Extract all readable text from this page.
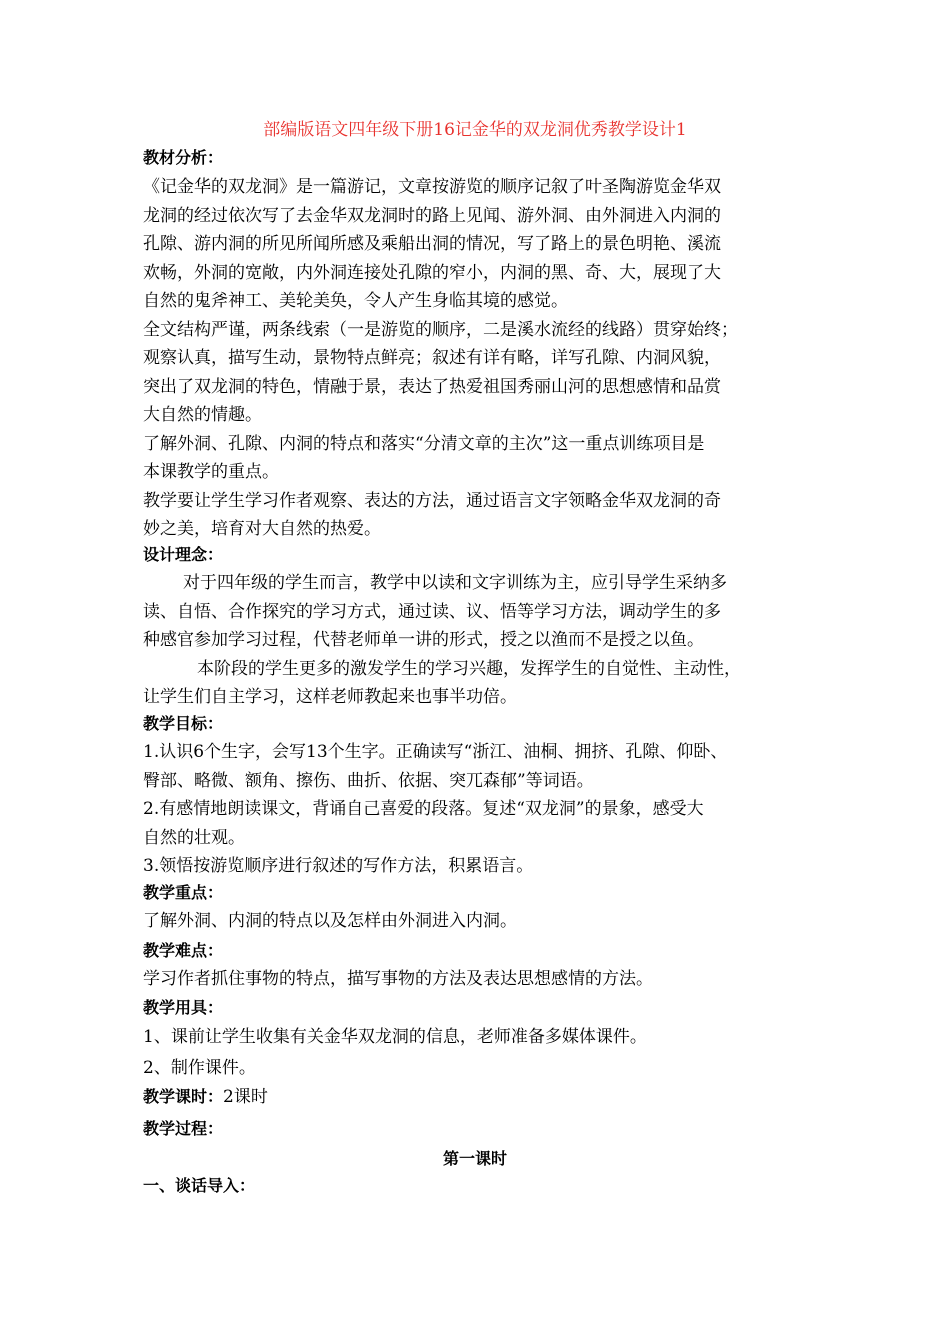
部编版语文四年级下册16记金华的双龙洞优秀教学设计1
教材分析：
《记金华的双龙洞》是一篇游记，文章按游览的顺序记叙了叶圣陶游览金华双
龙洞的经过依次写了去金华双龙洞时的路上见闻、游外洞、由外洞进入内洞的
孔隙、游内洞的所见所闻所感及乘船出洞的情况，写了路上的景色明艳、溪流
欢畅，外洞的宽敞，内外洞连接处孔隙的窄小，内洞的黑、奇、大，展现了大
自然的鬼斧神工、美轮美奂，令人产生身临其境的感觉。
全文结构严谨，两条线索（一是游览的顺序，二是溪水流经的线路）贯穿始终；
观察认真，描写生动，景物特点鲜亮；叙述有详有略，详写孔隙、内洞风貌，
突出了双龙洞的特色，情融于景，表达了热爱祖国秀丽山河的思想感情和品赏
大自然的情趣。
了解外洞、孔隙、内洞的特点和落实“分清文章的主次”这一重点训练项目是
本课教学的重点。
教学要让学生学习作者观察、表达的方法，通过语言文字领略金华双龙洞的奇
妙之美，培育对大自然的热爱。
设计理念：
对于四年级的学生而言，教学中以读和文字训练为主，应引导学生采纳多
读、自悟、合作探究的学习方式，通过读、议、悟等学习方法，调动学生的多
种感官参加学习过程，代替老师单一讲的形式，授之以渔而不是授之以鱼。
本阶段的学生更多的激发学生的学习兴趣，发挥学生的自觉性、主动性，
让学生们自主学习，这样老师教起来也事半功倍。
教学目标：
1.认识6个生字，会写13个生字。正确读写“浙江、油桐、拥挤、孔隙、仰卧、
臀部、略微、额角、擦伤、曲折、依据、突兀森郁”等词语。
2.有感情地朗读课文，背诵自己喜爱的段落。复述“双龙洞”的景象，感受大
自然的壮观。
3.领悟按游览顺序进行叙述的写作方法，积累语言。
教学重点：
了解外洞、内洞的特点以及怎样由外洞进入内洞。
教学难点：
学习作者抓住事物的特点，描写事物的方法及表达思想感情的方法。
教学用具：
1、课前让学生收集有关金华双龙洞的信息，老师准备多媒体课件。
2、制作课件。
教学课时：2课时
教学过程：
第一课时
一、谈话导入：
